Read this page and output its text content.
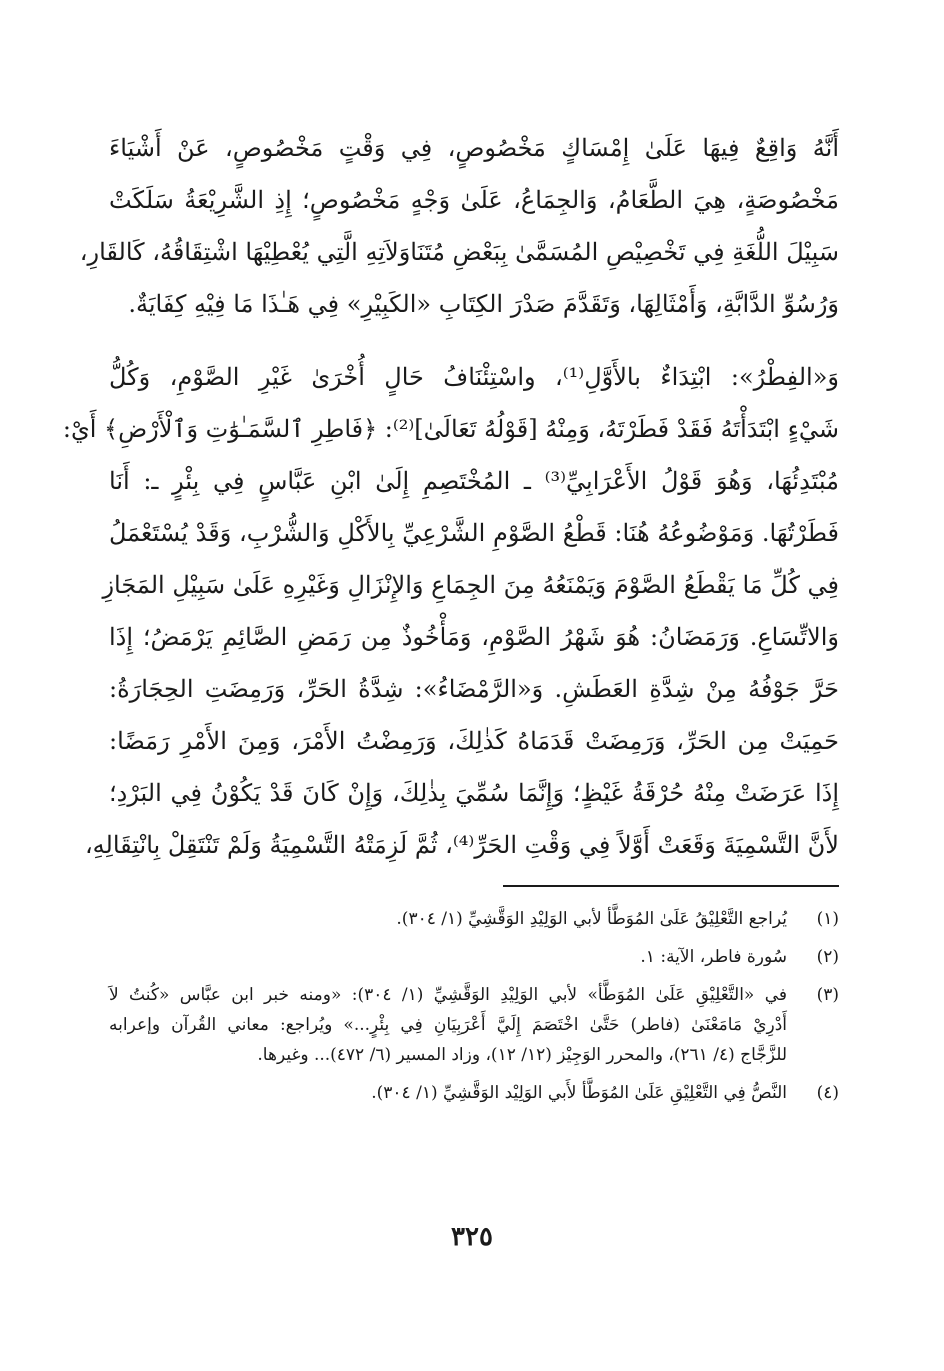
أَنَّهُ وَاقِعٌ فِيهَا عَلَىٰ إِمْسَاكٍ مَخْصُوصٍ، فِي وَقْتٍ مَخْصُوصٍ، عَنْ أَشْيَاءَ
مَخْصُوصَةٍ، هِيَ الطَّعَامُ، وَالجِمَاعُ، عَلَىٰ وَجْهٍ مَخْصُوصٍ؛ إِذِ الشَّرِيْعَةُ سَلَكَتْ
سَبِيْلَ اللُّغَةِ فِي تَخْصِيْصِ المُسَمَّىٰ بِبَعْضِ مُتَنَاوَلاَتِهِ الَّتِي يُعْطِيْهَا اشْتِقَاقُهُ، كَالقَارِ،
وَرُسُوِّ الدَّابَّةِ، وَأَمْثَالِهَا، وَتَقَدَّمَ صَدْرَ الكِتَابِ «الكَبِيْرِ» فِي هَـٰذَا مَا فِيْهِ كِفَايَةٌ.
وَ«الفِطْرُ»: ابْتِدَاءٌ بالأَوَّلِ⁽¹⁾، واسْتِئْنَافُ حَالٍ أُخْرَىٰ غَيْرِ الصَّوْمِ، وَكُلُّ
شَيْءٍ ابْتَدَأْتَهُ فَقَدْ فَطَرْتَهُ، وَمِنْهُ [قَوْلُهُ تَعَالَىٰ]⁽²⁾: ﴿فَاطِرِ ٱلسَّمَـٰوَٰتِ وَٱلْأَرْضِ﴾ أَيْ:
مُبْتَدِئُهَا، وَهُوَ قَوْلُ الأَعْرَابِيِّ⁽³⁾ ـ المُخْتَصِمِ إِلَىٰ ابْنِ عَبَّاسٍ فِي بِئْرٍ ـ: أَنَا
فَطَرْتُهَا. وَمَوْضُوعُهُ هُنَا: قَطْعُ الصَّوْمِ الشَّرْعِيِّ بِالأَكْلِ وَالشُّرْبِ، وَقَدْ يُسْتَعْمَلُ
فِي كُلِّ مَا يَقْطَعُ الصَّوْمَ وَيَمْنَعُهُ مِنَ الجِمَاعِ وَالإِنْزَالِ وَغَيْرِهِ عَلَىٰ سَبِيْلِ المَجَازِ
وَالاتِّسَاعِ. وَرَمَضَانُ: هُوَ شَهْرُ الصَّوْمِ، وَمَأْخُوذٌ مِن رَمَضِ الصَّائِمِ يَرْمَضُ؛ إِذَا
حَرَّ جَوْفُهُ مِنْ شِدَّةِ العَطَشِ. وَ«الرَّمْضَاءُ»: شِدَّةُ الحَرِّ، وَرَمِضَتِ الحِجَارَةُ:
حَمِيَتْ مِن الحَرِّ، وَرَمِضَتْ قَدَمَاهُ كَذٰلِكَ، وَرَمِضْتُ الأَمْرَ، وَمِنَ الأَمْرِ رَمَضًا:
إِذَا عَرَضَتْ مِنْهُ حُرْقَةُ غَيْظٍ؛ وَإِنَّمَا سُمِّيَ بِذٰلِكَ، وَإِنْ كَانَ قَدْ يَكُوْنُ فِي البَرْدِ؛
لأَنَّ التَّسْمِيَةَ وَقَعَتْ أَوَّلاً فِي وَقْتِ الحَرِّ⁽⁴⁾، ثُمَّ لَزِمَتْهُ التَّسْمِيَةُ وَلَمْ تَنْتَقِلْ بِانْتِقَالِهِ،
(١)
يُراجع التَّعْلِيْقُ عَلَىٰ المُوَطَّأ لأبي الوَلِيْدِ الوَقَّشِيِّ (١/ ٣٠٤).
(٢)
سُورة فاطر، الآية: ١.
(٣)
في «التَّعْلِيْقِ عَلَىٰ المُوَطَّأ» لأبي الوَلِيْدِ الوَقَّشِيِّ (١/ ٣٠٤): «ومنه خبر ابن عبَّاس «كُنتُ لاَ
أَدْرِيْ مَامَعْنَىٰ (فاطر) حَتَّىٰ اخْتَصَمَ إِلَيَّ أَعْرَبِيَانِ فِي بِئْرٍ...» ويُراجع: معاني القُرآن وإعرابه
للزَّجَّاج (٤/ ٢٦١)، والمحرر الوَجِيْز (١٢/ ١٢)، وزاد المسير (٦/ ٤٧٢)... وغيرها.
(٤)
النَّصُّ فِي التَّعْلِيْقِ عَلَىٰ المُوَطَّأ لأَبي الوَلِيْد الوَقَّشِيِّ (١/ ٣٠٤).
٣٢٥
